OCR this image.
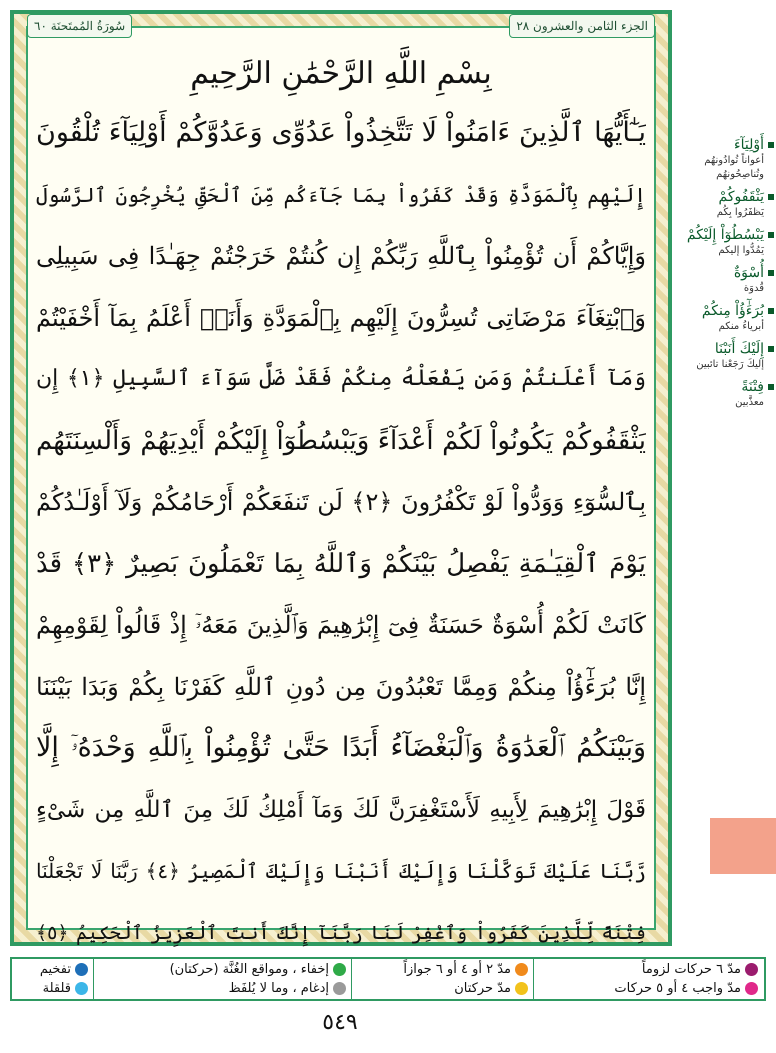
سُورَةُ المُمتَحنَة ٦٠	الجزء الثامن والعشرون ٢٨
بِسْمِ اللَّهِ الرَّحْمَٰنِ الرَّحِيمِ
يَـٰٓأَيُّهَا ٱلَّذِينَ ءَامَنُواْ لَا تَتَّخِذُواْ عَدُوِّى وَعَدُوَّكُمْ أَوْلِيَآءَ تُلْقُونَ
إِلَيْهِم بِٱلْمَوَدَّةِ وَقَدْ كَفَرُواْ بِمَا جَآءَكُم مِّنَ ٱلْحَقِّ يُخْرِجُونَ ٱلرَّسُولَ
وَإِيَّاكُمْ أَن تُؤْمِنُواْ بِٱللَّهِ رَبِّكُمْ إِن كُنتُمْ خَرَجْتُمْ جِهَـٰدًا فِى سَبِيلِى
وَٱبْتِغَآءَ مَرْضَاتِى تُسِرُّونَ إِلَيْهِم بِٱلْمَوَدَّةِ وَأَنَا۠ أَعْلَمُ بِمَآ أَخْفَيْتُمْ
وَمَآ أَعْلَنتُمْ وَمَن يَفْعَلْهُ مِنكُمْ فَقَدْ ضَلَّ سَوَآءَ ٱلسَّبِيلِ ﴿١﴾ إِن
يَثْقَفُوكُمْ يَكُونُواْ لَكُمْ أَعْدَآءً وَيَبْسُطُوٓاْ إِلَيْكُمْ أَيْدِيَهُمْ وَأَلْسِنَتَهُم
بِٱلسُّوٓءِ وَوَدُّواْ لَوْ تَكْفُرُونَ ﴿٢﴾ لَن تَنفَعَكُمْ أَرْحَامُكُمْ وَلَآ أَوْلَـٰدُكُمْ
يَوْمَ ٱلْقِيَـٰمَةِ يَفْصِلُ بَيْنَكُمْ وَٱللَّهُ بِمَا تَعْمَلُونَ بَصِيرٌ ﴿٣﴾ قَدْ
كَانَتْ لَكُمْ أُسْوَةٌ حَسَنَةٌ فِىٓ إِبْرَٰهِيمَ وَٱلَّذِينَ مَعَهُۥٓ إِذْ قَالُواْ لِقَوْمِهِمْ
إِنَّا بُرَءَٰٓؤُاْ مِنكُمْ وَمِمَّا تَعْبُدُونَ مِن دُونِ ٱللَّهِ كَفَرْنَا بِكُمْ وَبَدَا بَيْنَنَا
وَبَيْنَكُمُ ٱلْعَدَٰوَةُ وَٱلْبَغْضَآءُ أَبَدًا حَتَّىٰ تُؤْمِنُواْ بِٱللَّهِ وَحْدَهُۥٓ إِلَّا
قَوْلَ إِبْرَٰهِيمَ لِأَبِيهِ لَأَسْتَغْفِرَنَّ لَكَ وَمَآ أَمْلِكُ لَكَ مِنَ ٱللَّهِ مِن شَىْءٍ
رَّبَّنَا عَلَيْكَ تَوَكَّلْنَا وَإِلَيْكَ أَنَبْنَا وَإِلَيْكَ ٱلْمَصِيرُ ﴿٤﴾ رَبَّنَا لَا تَجْعَلْنَا
فِتْنَةً لِّلَّذِينَ كَفَرُواْ وَٱغْفِرْ لَنَا رَبَّنَآ إِنَّكَ أَنتَ ٱلْعَزِيزُ ٱلْحَكِيمُ ﴿٥﴾
أَوْلِيَآءَ
أعواناً تُوادُونهُم وتُناصِحُونهُم
يَثْقَفُوكُمْ
يَظفَرُوا بِكُم
يَبْسُطُوٓاْ إِلَيْكُمْ
يَمُدُّوا إليكم
أُسْوَةٌ
قُدوَة
بُرَءَٰٓؤُاْ مِنكُمْ
أبرياءُ منكم
إِلَيْكَ أَنَبْنَا
إليكَ رَجَعْنا تائبين
فِتْنَةً
معذَّبين
مدّ ٦ حركات لزوماً
مدّ واجب ٤ أو ٥ حركات
مدّ ٢ أو ٤ أو ٦ جوازاً
مدّ حركتان
إخفاء ، ومواقع الغُنَّة (حركتان)
إدغام ، وما لا يُلفَظ
تفخيم
قلقلة
٥٤٩
